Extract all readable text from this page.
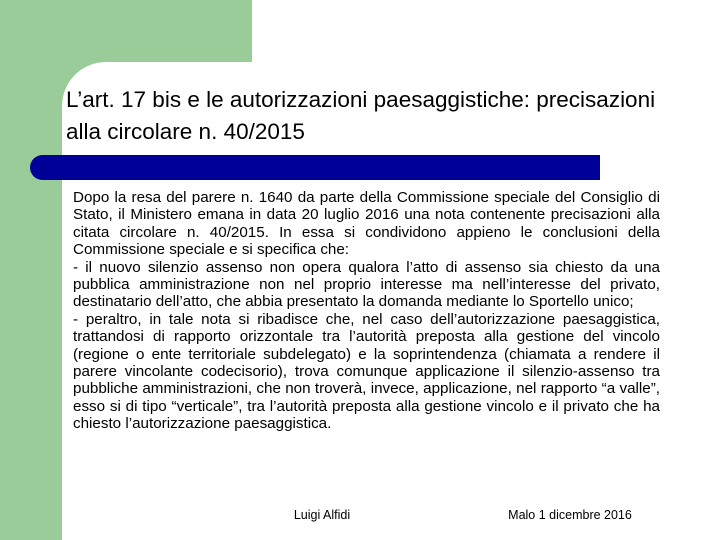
L’art. 17 bis e le autorizzazioni paesaggistiche: precisazioni alla circolare n. 40/2015

Dopo la resa del parere n. 1640 da parte della Commissione speciale del Consiglio di Stato, il Ministero emana in data 20 luglio 2016 una nota contenente precisazioni alla citata circolare n. 40/2015. In essa si condividono appieno le conclusioni della Commissione speciale e si specifica che:

- il nuovo silenzio assenso non opera qualora l’atto di assenso sia chiesto da una pubblica amministrazione non nel proprio interesse ma nell’interesse del privato, destinatario dell’atto, che abbia presentato la domanda mediante lo Sportello unico;

- peraltro, in tale nota si ribadisce che, nel caso dell’autorizzazione paesaggistica, trattandosi di rapporto orizzontale tra l’autorità preposta alla gestione del vincolo (regione o ente territoriale subdelegato) e la soprintendenza (chiamata a rendere il parere vincolante codecisorio), trova comunque applicazione il silenzio-assenso tra pubbliche amministrazioni, che non troverà, invece, applicazione, nel rapporto “a valle”, esso si di tipo “verticale”, tra l’autorità preposta alla gestione vincolo e il privato che ha chiesto l’autorizzazione paesaggistica.

Luigi Alfidi	Malo 1 dicembre 2016
